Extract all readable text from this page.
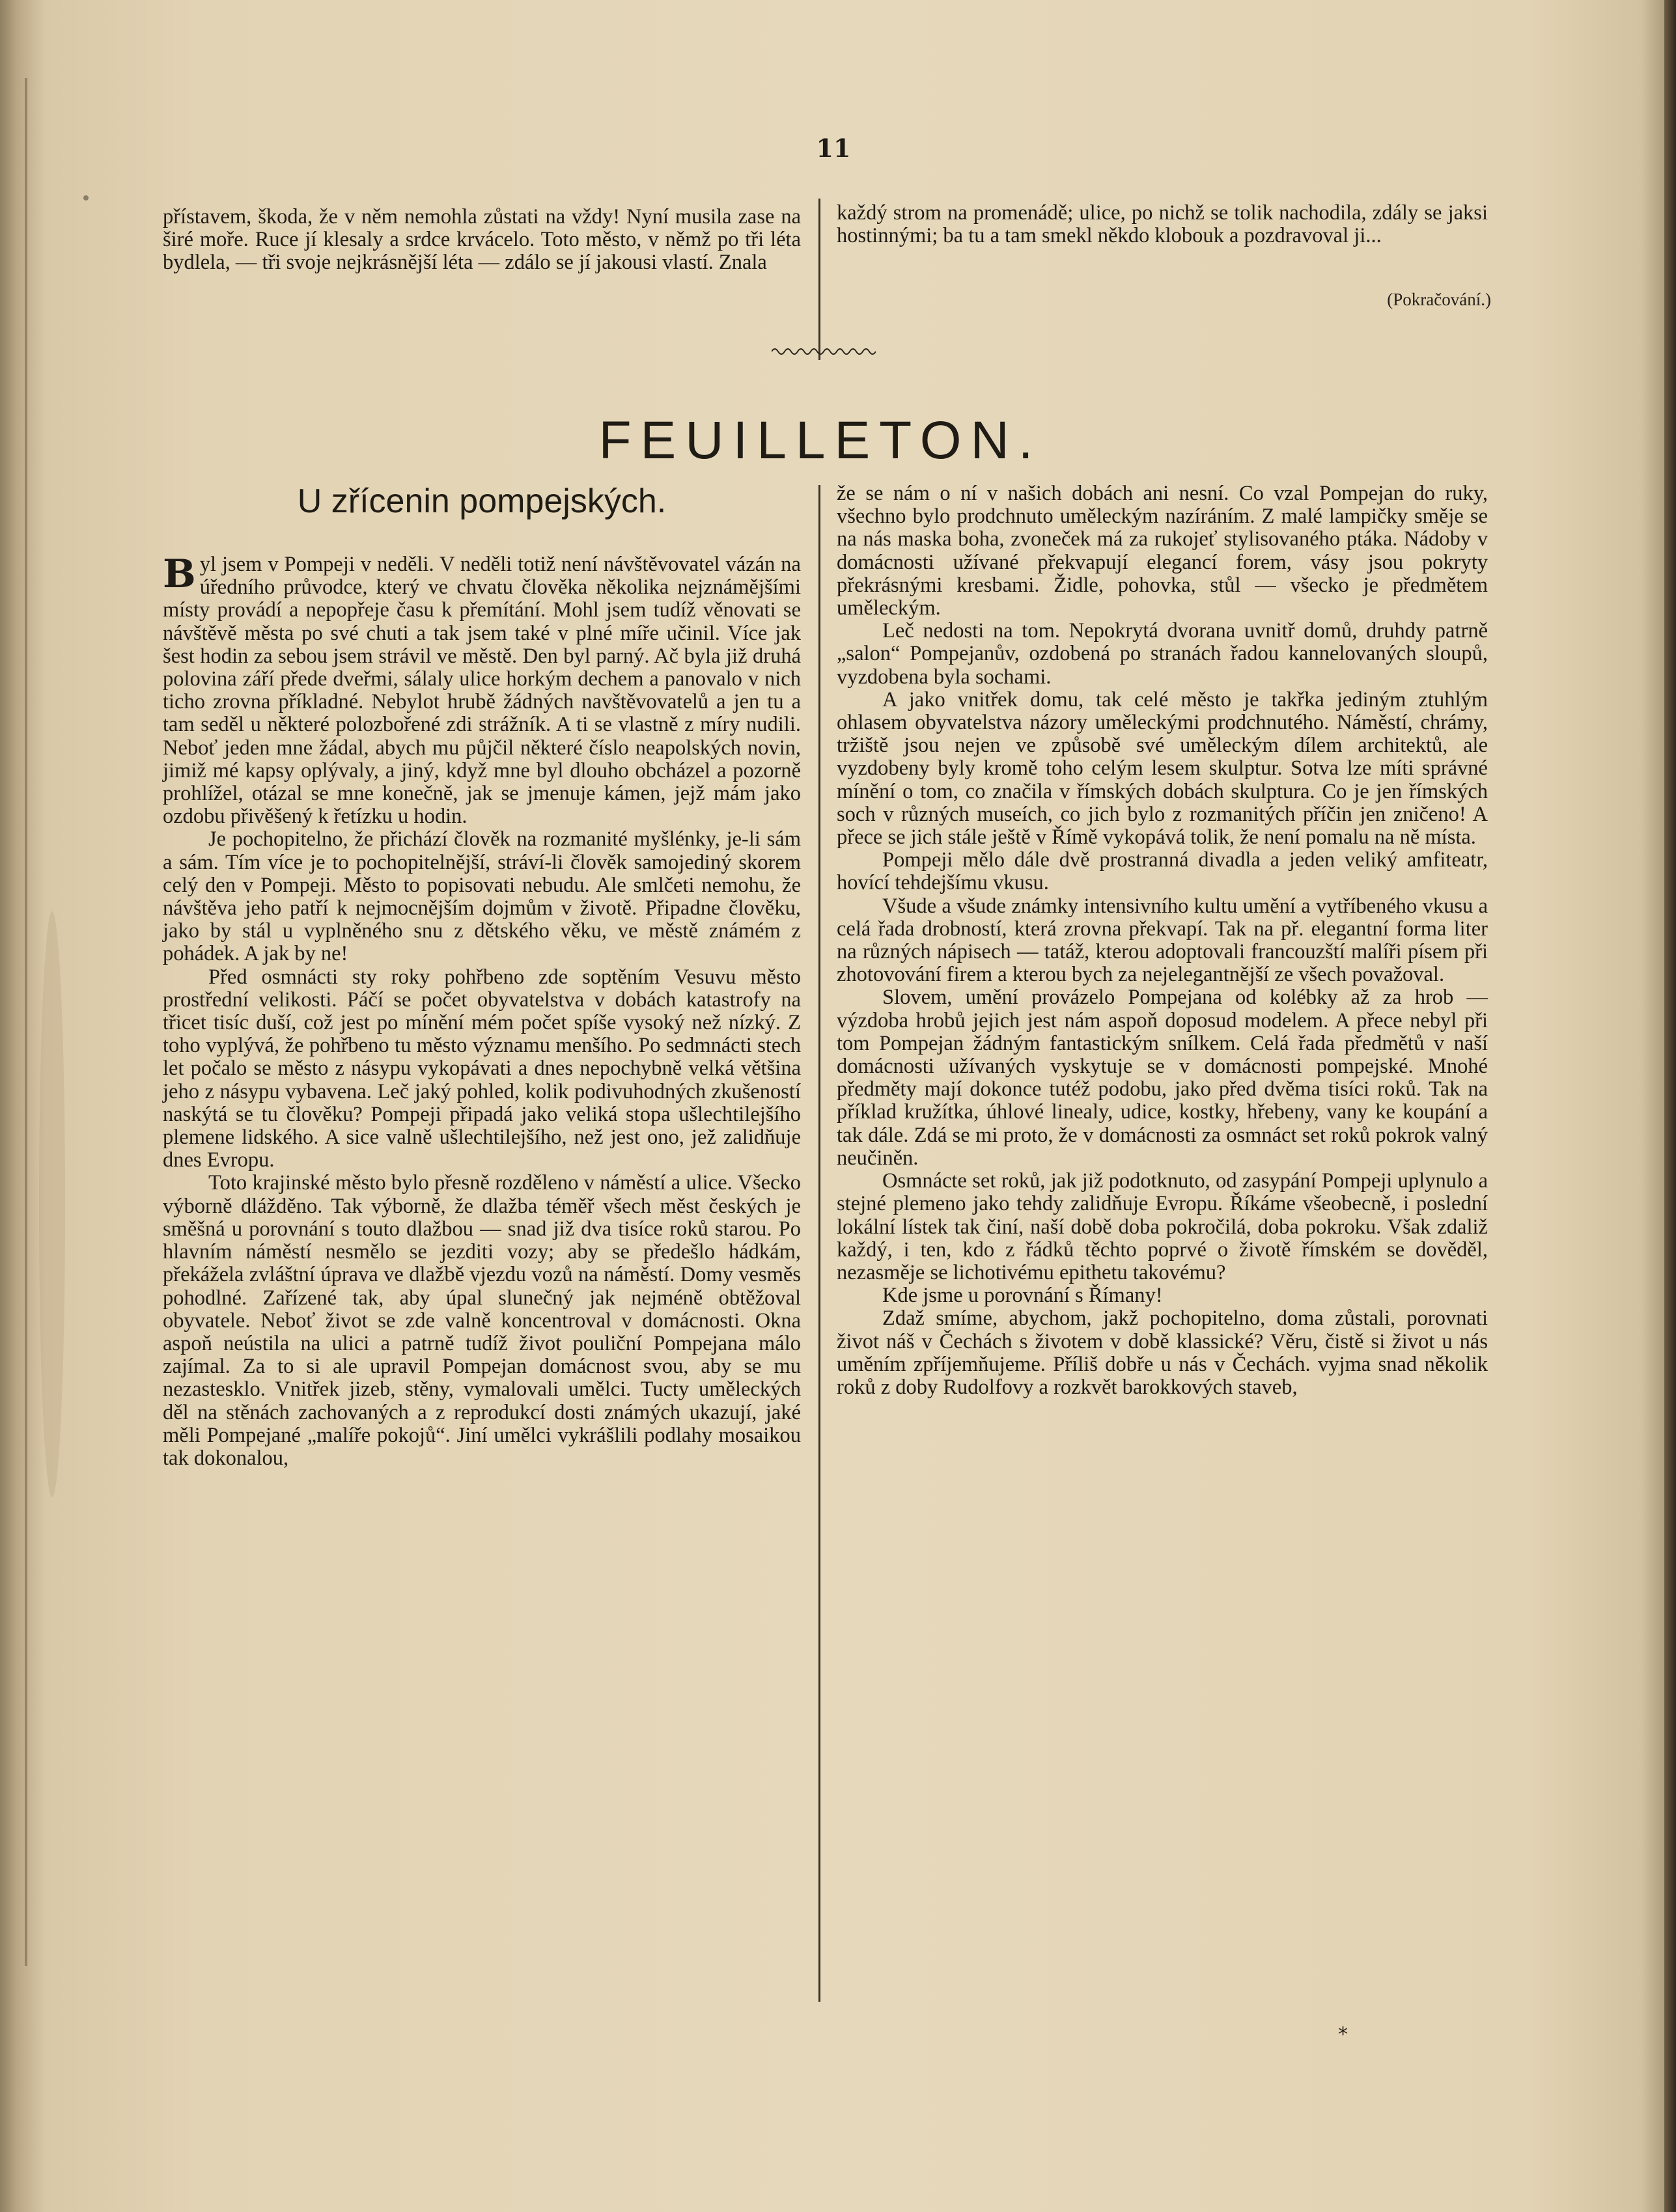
11

přístavem, škoda, že v něm nemohla zůstati na vždy! Nyní musila zase na širé moře. Ruce jí klesaly a srdce krvácelo. Toto město, v němž po tři léta bydlela, — tři svoje nejkrásnější léta — zdálo se jí jakousi vlastí. Znala

každý strom na promenádě; ulice, po nichž se tolik nachodila, zdály se jaksi hostinnými; ba tu a tam smekl někdo klobouk a pozdravoval ji...

(Pokračování.)
FEUILLETON.
U zřícenin pompejských.

Byl jsem v Pompeji v neděli. V neděli totiž není návštěvovatel vázán na úředního průvodce, který ve chvatu člověka několika nejznámějšími místy provádí a nepopřeje času k přemítání. Mohl jsem tudíž věnovati se návštěvě města po své chuti a tak jsem také v plné míře učinil. Více jak šest hodin za sebou jsem strávil ve městě. Den byl parný. Ač byla již druhá polovina září přede dveřmi, sálaly ulice horkým dechem a panovalo v nich ticho zrovna příkladné. Nebylot hrubě žádných navštěvovatelů a jen tu a tam seděl u některé polozbořené zdi strážník. A ti se vlastně z míry nudili. Neboť jeden mne žádal, abych mu půjčil některé číslo neapolských novin, jimiž mé kapsy oplývaly, a jiný, když mne byl dlouho obcházel a pozorně prohlížel, otázal se mne konečně, jak se jmenuje kámen, jejž mám jako ozdobu přivěšený k řetízku u hodin.

Je pochopitelno, že přichází člověk na rozmanité myšlénky, je-li sám a sám. Tím více je to pochopitelnější, stráví-li člověk samojediný skorem celý den v Pompeji. Město to popisovati nebudu. Ale smlčeti nemohu, že návštěva jeho patří k nejmocnějším dojmům v životě. Připadne člověku, jako by stál u vyplněného snu z dětského věku, ve městě známém z pohádek. A jak by ne!

Před osmnácti sty roky pohřbeno zde soptěním Vesuvu město prostřední velikosti. Páčí se počet obyvatelstva v dobách katastrofy na třicet tisíc duší, což jest po mínění mém počet spíše vysoký než nízký. Z toho vyplývá, že pohřbeno tu město významu menšího. Po sedmnácti stech let počalo se město z násypu vykopávati a dnes nepochybně velká většina jeho z násypu vybavena. Leč jaký pohled, kolik podivuhodných zkušeností naskýtá se tu člověku? Pompeji připadá jako veliká stopa ušlechtilejšího plemene lidského. A sice valně ušlechtilejšího, než jest ono, jež zalidňuje dnes Evropu.

Toto krajinské město bylo přesně rozděleno v náměstí a ulice. Všecko výborně dlážděno. Tak výborně, že dlažba téměř všech měst českých je směšná u porovnání s touto dlažbou — snad již dva tisíce roků starou. Po hlavním náměstí nesmělo se jezditi vozy; aby se předešlo hádkám, překážela zvláštní úprava ve dlažbě vjezdu vozů na náměstí. Domy vesměs pohodlné. Zařízené tak, aby úpal slunečný jak nejméně obtěžoval obyvatele. Neboť život se zde valně koncentroval v domácnosti. Okna aspoň neústila na ulici a patrně tudíž život pouliční Pompejana málo zajímal. Za to si ale upravil Pompejan domácnost svou, aby se mu nezastesklo. Vnitřek jizeb, stěny, vymalovali umělci. Tucty uměleckých děl na stěnách zachovaných a z reprodukcí dosti známých ukazují, jaké měli Pompejané „malíře pokojů“. Jiní umělci vykrášlili podlahy mosaikou tak dokonalou,

že se nám o ní v našich dobách ani nesní. Co vzal Pompejan do ruky, všechno bylo prodchnuto uměleckým nazíráním. Z malé lampičky směje se na nás maska boha, zvoneček má za rukojeť stylisovaného ptáka. Nádoby v domácnosti užívané překvapují elegancí forem, vásy jsou pokryty překrásnými kresbami. Židle, pohovka, stůl — všecko je předmětem uměleckým.

Leč nedosti na tom. Nepokrytá dvorana uvnitř domů, druhdy patrně „salon“ Pompejanův, ozdobená po stranách řadou kannelovaných sloupů, vyzdobena byla sochami.

A jako vnitřek domu, tak celé město je takřka jediným ztuhlým ohlasem obyvatelstva názory uměleckými prodchnutého. Náměstí, chrámy, tržiště jsou nejen ve způsobě své uměleckým dílem architektů, ale vyzdobeny byly kromě toho celým lesem skulptur. Sotva lze míti správné mínění o tom, co značila v římských dobách skulptura. Co je jen římských soch v různých museích, co jich bylo z rozmanitých příčin jen zničeno! A přece se jich stále ještě v Římě vykopává tolik, že není pomalu na ně místa.

Pompeji mělo dále dvě prostranná divadla a jeden veliký amfiteatr, hovící tehdejšímu vkusu.

Všude a všude známky intensivního kultu umění a vytříbeného vkusu a celá řada drobností, která zrovna překvapí. Tak na př. elegantní forma liter na různých nápisech — tatáž, kterou adoptovali francouzští malíři písem při zhotovování firem a kterou bych za nejelegantnější ze všech považoval.

Slovem, umění provázelo Pompejana od kolébky až za hrob — výzdoba hrobů jejich jest nám aspoň doposud modelem. A přece nebyl při tom Pompejan žádným fantastickým snílkem. Celá řada předmětů v naší domácnosti užívaných vyskytuje se v domácnosti pompejské. Mnohé předměty mají dokonce tutéž podobu, jako před dvěma tisíci roků. Tak na příklad kružítka, úhlové linealy, udice, kostky, hřebeny, vany ke koupání a tak dále. Zdá se mi proto, že v domácnosti za osmnáct set roků pokrok valný neučiněn.

Osmnácte set roků, jak již podotknuto, od zasypání Pompeji uplynulo a stejné plemeno jako tehdy zalidňuje Evropu. Říkáme všeobecně, i poslední lokální lístek tak činí, naší době doba pokročilá, doba pokroku. Však zdaliž každý, i ten, kdo z řádků těchto poprvé o životě římském se dověděl, nezasměje se lichotivému epithetu takovému?

Kde jsme u porovnání s Římany!

Zdaž smíme, abychom, jakž pochopitelno, doma zůstali, porovnati život náš v Čechách s životem v době klassické? Věru, čistě si život u nás uměním zpříjemňujeme. Příliš dobře u nás v Čechách. vyjma snad několik roků z doby Rudolfovy a rozkvět barokkových staveb,

*
